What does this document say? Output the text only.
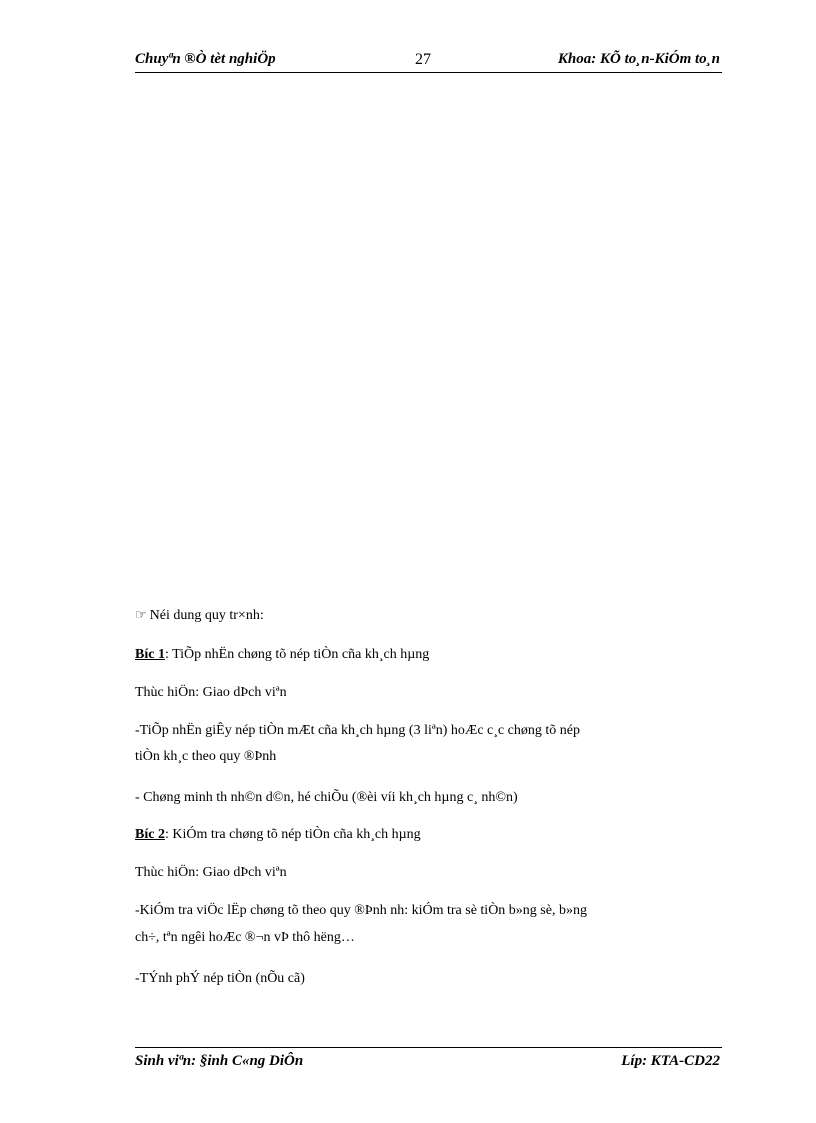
Chuyªn ®Ò tèt nghiÖp	27	Khoa: KÕ to¸n-KiÓm to¸n
☞ Néi dung quy tr×nh:
Bíc 1: TiÕp nhËn chøng tõ nép tiÒn cña kh¸ch hµng
Thùc hiÖn: Giao dÞch viªn
-TiÕp nhËn giÊy nép tiÒn mÆt cña kh¸ch hµng (3 liªn) hoÆc c¸c chøng tõ nép
tiÒn kh¸c theo quy ®Þnh
- Chøng minh th nh©n d©n, hé chiÕu (®èi víi kh¸ch hµng c¸ nh©n)
Bíc 2: KiÓm tra chøng tõ nép tiÒn cña kh¸ch hµng
Thùc hiÖn: Giao dÞch viªn
-KiÓm tra viÖc lËp chøng tõ theo quy ®Þnh nh: kiÓm tra sè tiÒn b»ng sè, b»ng
ch÷, tªn ngêi hoÆc ®¬n vÞ thô hëng…
-TÝnh phÝ nép tiÒn (nÕu cã)
Sinh viªn: §inh C«ng DiÔn	Líp: KTA-CD22
